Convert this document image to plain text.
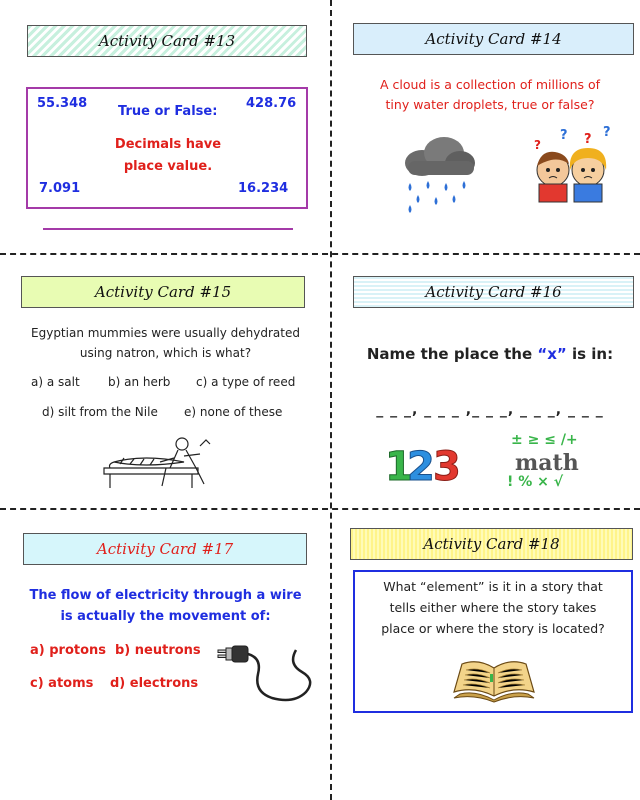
Activity Card #13
55.348	428.76
True or False:
Decimals have
place value.
7.091	16.234
Activity Card #14
A cloud is a collection of millions of
tiny water droplets, true or false?
?
? ? ?
Activity Card #15
Egyptian mummies were usually dehydrated
using natron, which is what?
a) a salt b) an herb c) a type of reed
d) silt from the Nile e) none of these
Activity Card #16
Name the place the “x” is in:
_ _ _, _ _ _ ,_ _ _, _ _ _, _ _ _
1
2
3
± ≥ ≤ /+
math
! % × √
Activity Card #17
The flow of electricity through a wire
is actually the movement of:
a) protons b) neutrons
c) atoms d) electrons
Activity Card #18
What “element” is it in a story that
tells either where the story takes
place or where the story is located?
